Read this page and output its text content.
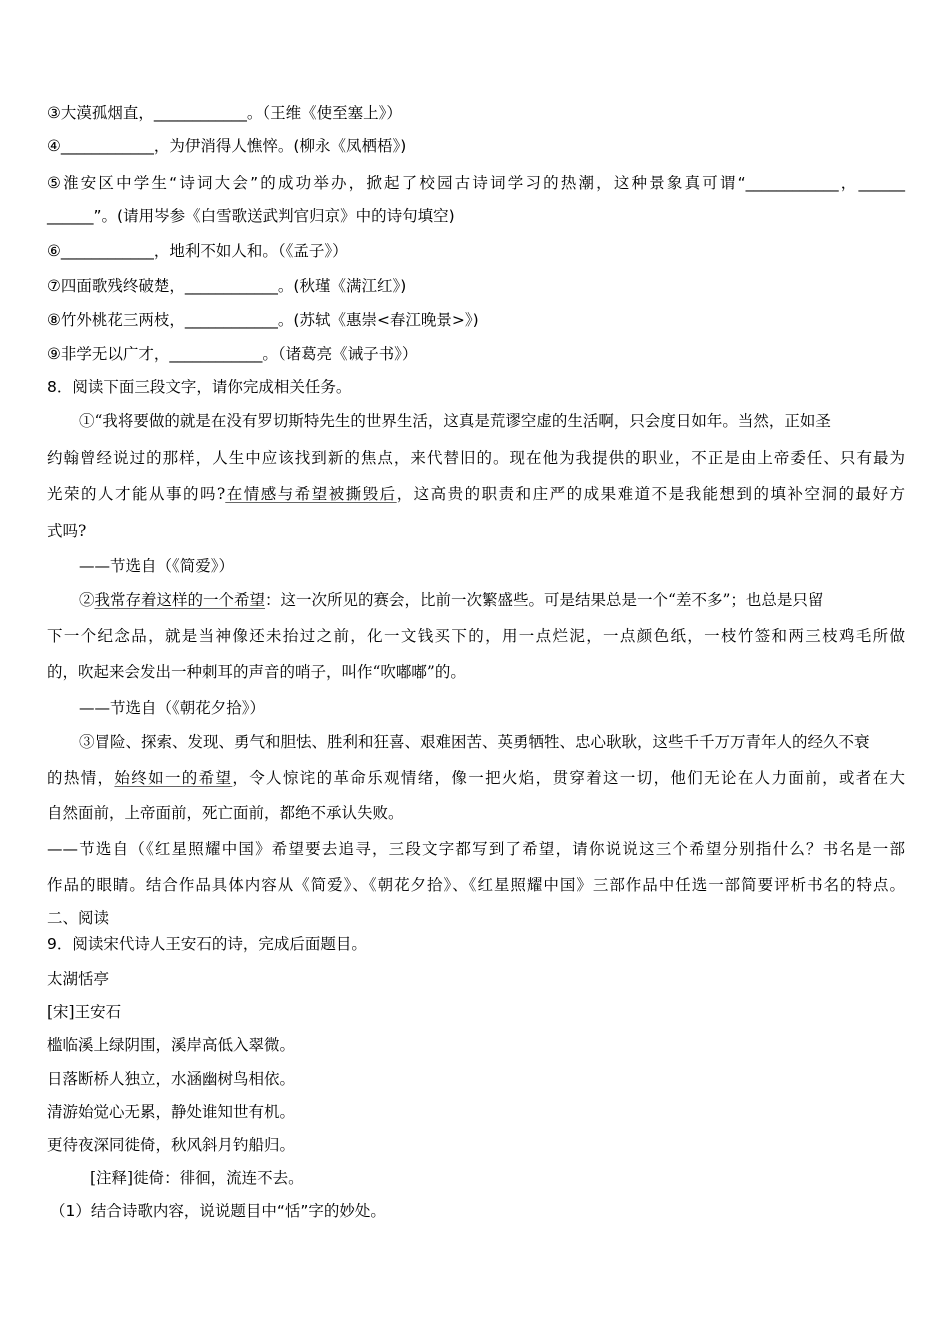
③大漠孤烟直，____________。（王维《使至塞上》）
④____________，为伊消得人憔悴。(柳永《凤栖梧》)
⑤淮安区中学生“诗词大会”的成功举办，掀起了校园古诗词学习的热潮，这种景象真可谓“____________，______
______”。(请用岑参《白雪歌送武判官归京》中的诗句填空)
⑥____________，地利不如人和。（《孟子》）
⑦四面歌残终破楚，____________。(秋瑾《满江红》)
⑧竹外桃花三两枝，____________。(苏轼《惠崇<春江晚景>》)
⑨非学无以广才，____________。（诸葛亮《诫子书》）
8．阅读下面三段文字，请你完成相关任务。
①“我将要做的就是在没有罗切斯特先生的世界生活，这真是荒谬空虚的生活啊，只会度日如年。当然，正如圣
约翰曾经说过的那样，人生中应该找到新的焦点，来代替旧的。现在他为我提供的职业，不正是由上帝委任、只有最为
光荣的人才能从事的吗?在情感与希望被撕毁后，这高贵的职责和庄严的成果难道不是我能想到的填补空洞的最好方
式吗?
——节选自（《简爱》）
②我常存着这样的一个希望：这一次所见的赛会，比前一次繁盛些。可是结果总是一个“差不多”；也总是只留
下一个纪念品，就是当神像还未抬过之前，化一文钱买下的，用一点烂泥，一点颜色纸，一枝竹签和两三枝鸡毛所做
的，吹起来会发出一种刺耳的声音的哨子，叫作“吹嘟嘟”的。
——节选自（《朝花夕拾》）
③冒险、探索、发现、勇气和胆怯、胜利和狂喜、艰难困苦、英勇牺牲、忠心耿耿，这些千千万万青年人的经久不衰
的热情，始终如一的希望，令人惊诧的革命乐观情绪，像一把火焰，贯穿着这一切，他们无论在人力面前，或者在大
自然面前，上帝面前，死亡面前，都绝不承认失败。
——节选自（《红星照耀中国》希望要去追寻，三段文字都写到了希望，请你说说这三个希望分别指什么？书名是一部
作品的眼睛。结合作品具体内容从《简爱》、《朝花夕拾》、《红星照耀中国》三部作品中任选一部简要评析书名的特点。
二、阅读
9．阅读宋代诗人王安石的诗，完成后面题目。
太湖恬亭
[宋]王安石
槛临溪上绿阴围，溪岸高低入翠微。
日落断桥人独立，水涵幽树鸟相依。
清游始觉心无累，静处谁知世有机。
更待夜深同徙倚，秋风斜月钓船归。
[注释]徙倚：徘徊，流连不去。
（1）结合诗歌内容，说说题目中“恬”字的妙处。
